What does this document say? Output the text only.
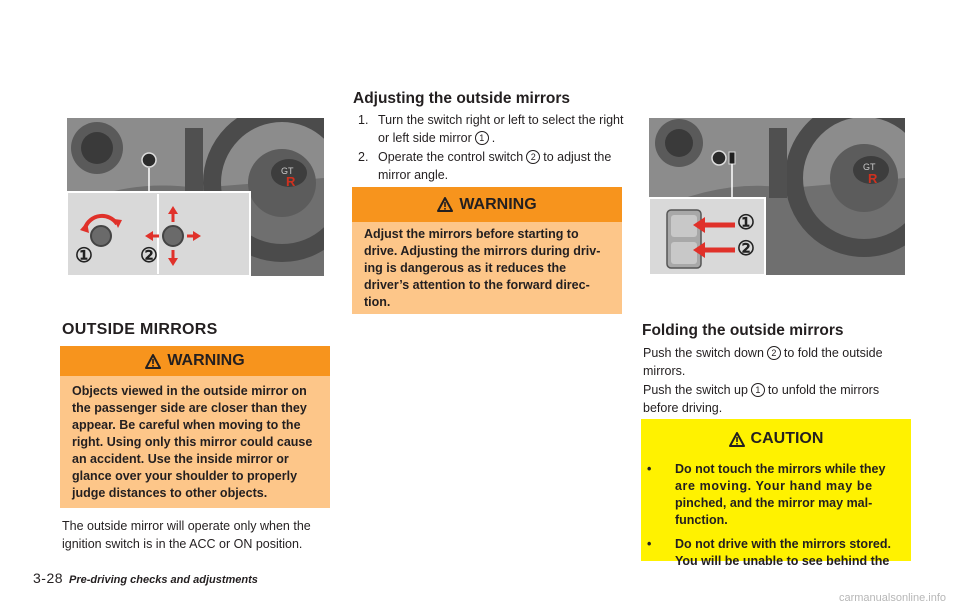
GT
R
① ②
OUTSIDE MIRRORS
WARNING
Objects viewed in the outside mirror on
the passenger side are closer than they
appear. Be careful when moving to the
right. Using only this mirror could cause
an accident. Use the inside mirror or
glance over your shoulder to properly
judge distances to other objects.
The outside mirror will operate only when the
ignition switch is in the ACC or ON position.
Adjusting the outside mirrors
1. Turn the switch right or left to select the right
or left side mirror 1 .
2. Operate the control switch 2 to adjust the
mirror angle.
WARNING
Adjust the mirrors before starting to
drive. Adjusting the mirrors during driv-
ing is dangerous as it reduces the
driver’s attention to the forward direc-
tion.
GT
R
①
②
Folding the outside mirrors
Push the switch down 2 to fold the outside
mirrors.
Push the switch up 1 to unfold the mirrors
before driving.
CAUTION
• Do not touch the mirrors while they
are moving. Your hand may be
pinched, and the mirror may mal-
function.
• Do not drive with the mirrors stored.
You will be unable to see behind the
3-28 Pre-driving checks and adjustments
carmanualsonline.info
